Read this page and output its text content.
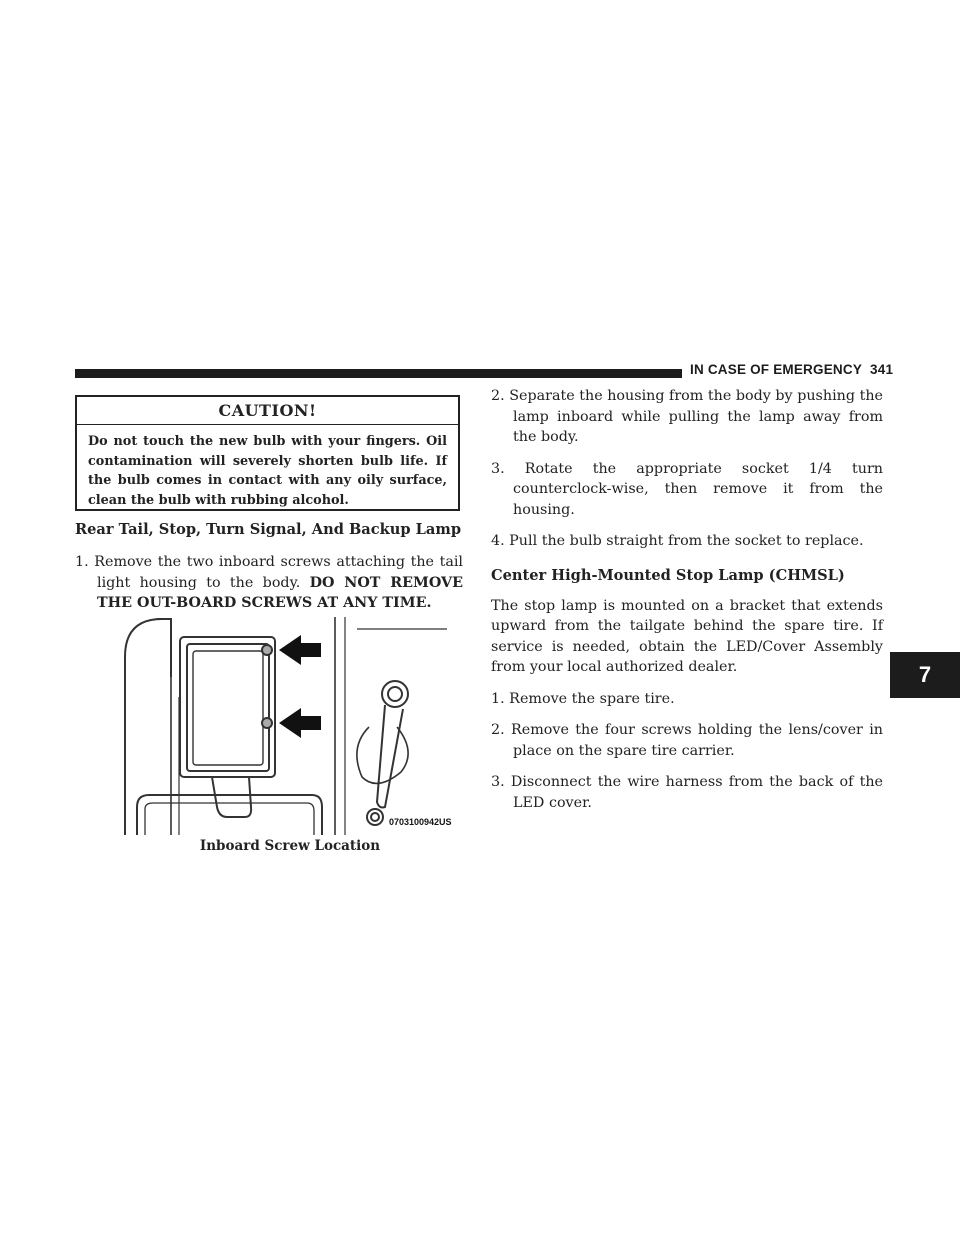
IN CASE OF EMERGENCY 341
7
CAUTION!
Do not touch the new bulb with your fingers. Oil contamination will severely shorten bulb life. If the bulb comes in contact with any oily surface, clean the bulb with rubbing alcohol.
Rear Tail, Stop, Turn Signal, And Backup Lamp

1. Remove the two inboard screws attaching the tail light housing to the body. DO NOT REMOVE THE OUT-BOARD SCREWS AT ANY TIME.

0703100942US
Inboard Screw Location

2. Separate the housing from the body by pushing the lamp inboard while pulling the lamp away from the body.

3. Rotate the appropriate socket 1/4 turn counterclock-wise, then remove it from the housing.

4. Pull the bulb straight from the socket to replace.

Center High-Mounted Stop Lamp (CHMSL)

The stop lamp is mounted on a bracket that extends upward from the tailgate behind the spare tire. If service is needed, obtain the LED/Cover Assembly from your local authorized dealer.

1. Remove the spare tire.

2. Remove the four screws holding the lens/cover in place on the spare tire carrier.

3. Disconnect the wire harness from the back of the LED cover.
